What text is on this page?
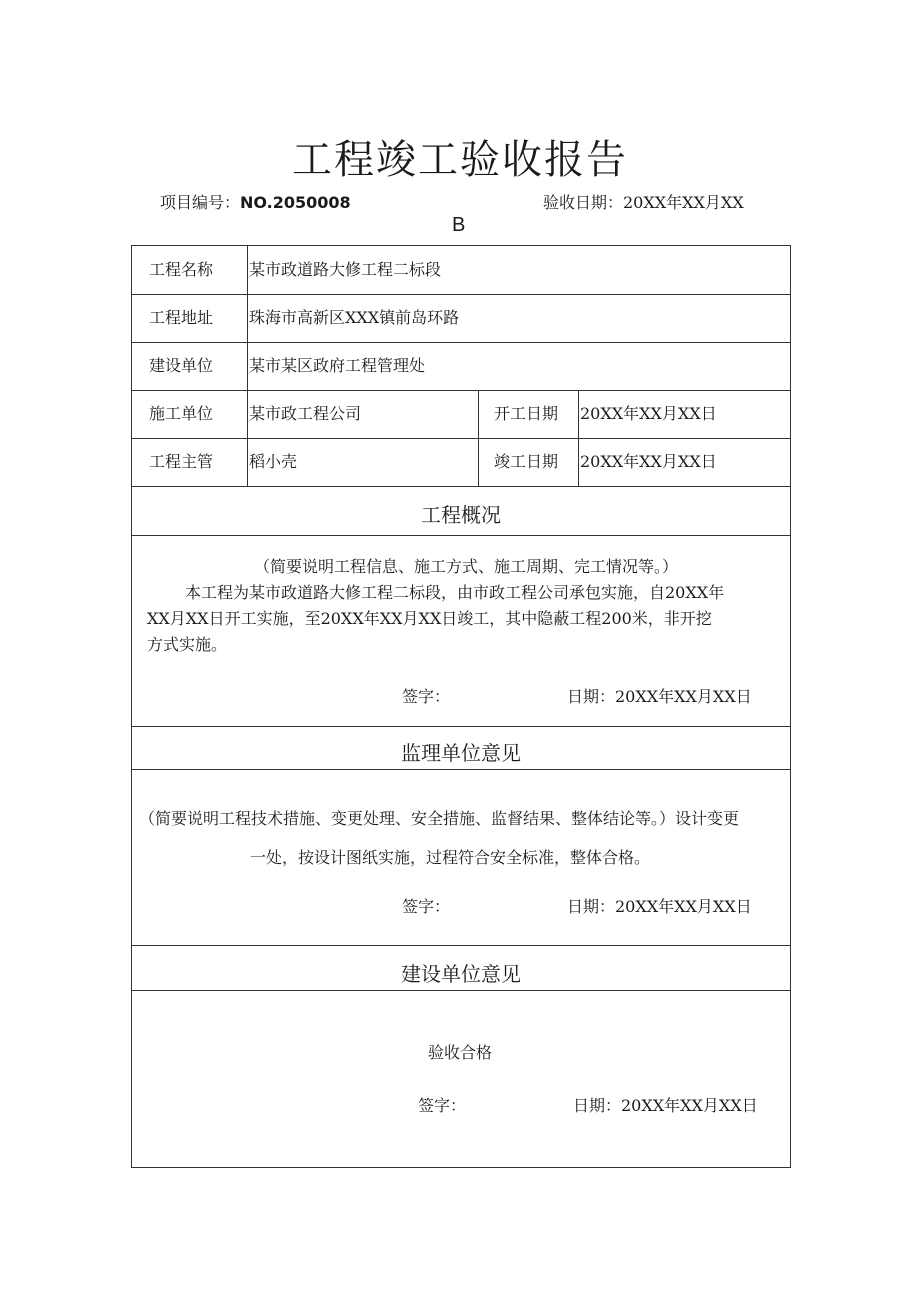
工程竣工验收报告
项目编号：NO.2050008	验收日期：20XX年XX月XX
B
工程名称 某市政道路大修工程二标段
工程地址 珠海市高新区XXX镇前岛环路
建设单位 某市某区政府工程管理处
施工单位 某市政工程公司	开工日期 20XX年XX月XX日
工程主管 稻小壳	竣工日期 20XX年XX月XX日
工程概况
（简要说明工程信息、施工方式、施工周期、完工情况等。）
本工程为某市政道路大修工程二标段，由市政工程公司承包实施，自20XX年
XX月XX日开工实施，至20XX年XX月XX日竣工，其中隐蔽工程200米，非开挖
方式实施。
签字：	日期：20XX年XX月XX日
监理单位意见
（简要说明工程技术措施、变更处理、安全措施、监督结果、整体结论等。）设计变更
一处，按设计图纸实施，过程符合安全标准，整体合格。
签字：	日期：20XX年XX月XX日
建设单位意见
验收合格
签字：	日期：20XX年XX月XX日
